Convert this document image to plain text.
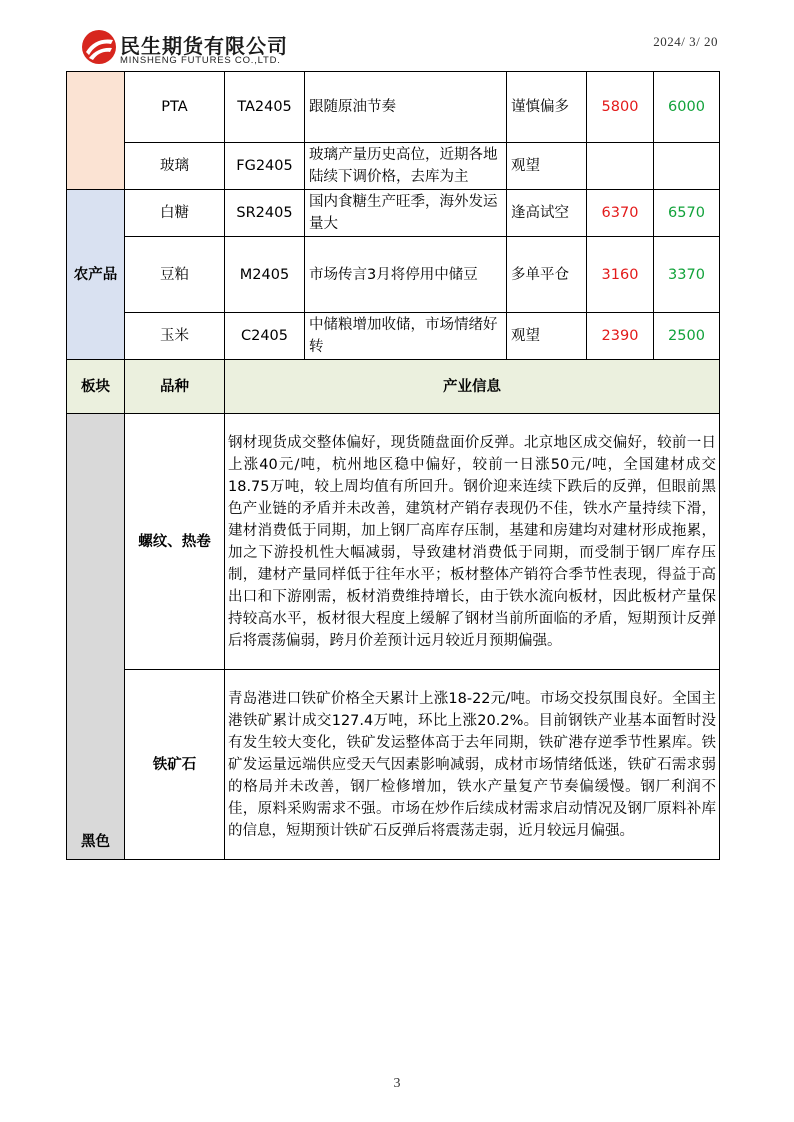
民生期货有限公司
MINSHENG FUTURES CO.,LTD.
2024/ 3/ 20
	PTA	TA2405	跟随原油节奏	谨慎偏多	5800	6000
	玻璃	FG2405	玻璃产量历史高位，近期各地陆续下调价格，去库为主	观望		
农产品	白糖	SR2405	国内食糖生产旺季，海外发运量大	逢高试空	6370	6570
	豆粕	M2405	市场传言3月将停用中储豆	多单平仓	3160	3370
	玉米	C2405	中储粮增加收储，市场情绪好转	观望	2390	2500
板块	品种	产业信息				
黑色	螺纹、热卷	钢材现货成交整体偏好，现货随盘面价反弹。北京地区成交偏好，较前一日上涨40元/吨，杭州地区稳中偏好，较前一日涨50元/吨，全国建材成交18.75万吨，较上周均值有所回升。钢价迎来连续下跌后的反弹，但眼前黑色产业链的矛盾并未改善，建筑材产销存表现仍不佳，铁水产量持续下滑，建材消费低于同期，加上钢厂高库存压制，基建和房建均对建材形成拖累，加之下游投机性大幅减弱，导致建材消费低于同期，而受制于钢厂库存压制，建材产量同样低于往年水平；板材整体产销符合季节性表现，得益于高出口和下游刚需，板材消费维持增长，由于铁水流向板材，因此板材产量保持较高水平，板材很大程度上缓解了钢材当前所面临的矛盾，短期预计反弹后将震荡偏弱，跨月价差预计远月较近月预期偏强。				
	铁矿石	青岛港进口铁矿价格全天累计上涨18-22元/吨。市场交投氛围良好。全国主港铁矿累计成交127.4万吨，环比上涨20.2%。目前钢铁产业基本面暂时没有发生较大变化，铁矿发运整体高于去年同期，铁矿港存逆季节性累库。铁矿发运量远端供应受天气因素影响减弱，成材市场情绪低迷，铁矿石需求弱的格局并未改善，钢厂检修增加，铁水产量复产节奏偏缓慢。钢厂利润不佳，原料采购需求不强。市场在炒作后续成材需求启动情况及钢厂原料补库的信息，短期预计铁矿石反弹后将震荡走弱，近月较远月偏强。				
3
